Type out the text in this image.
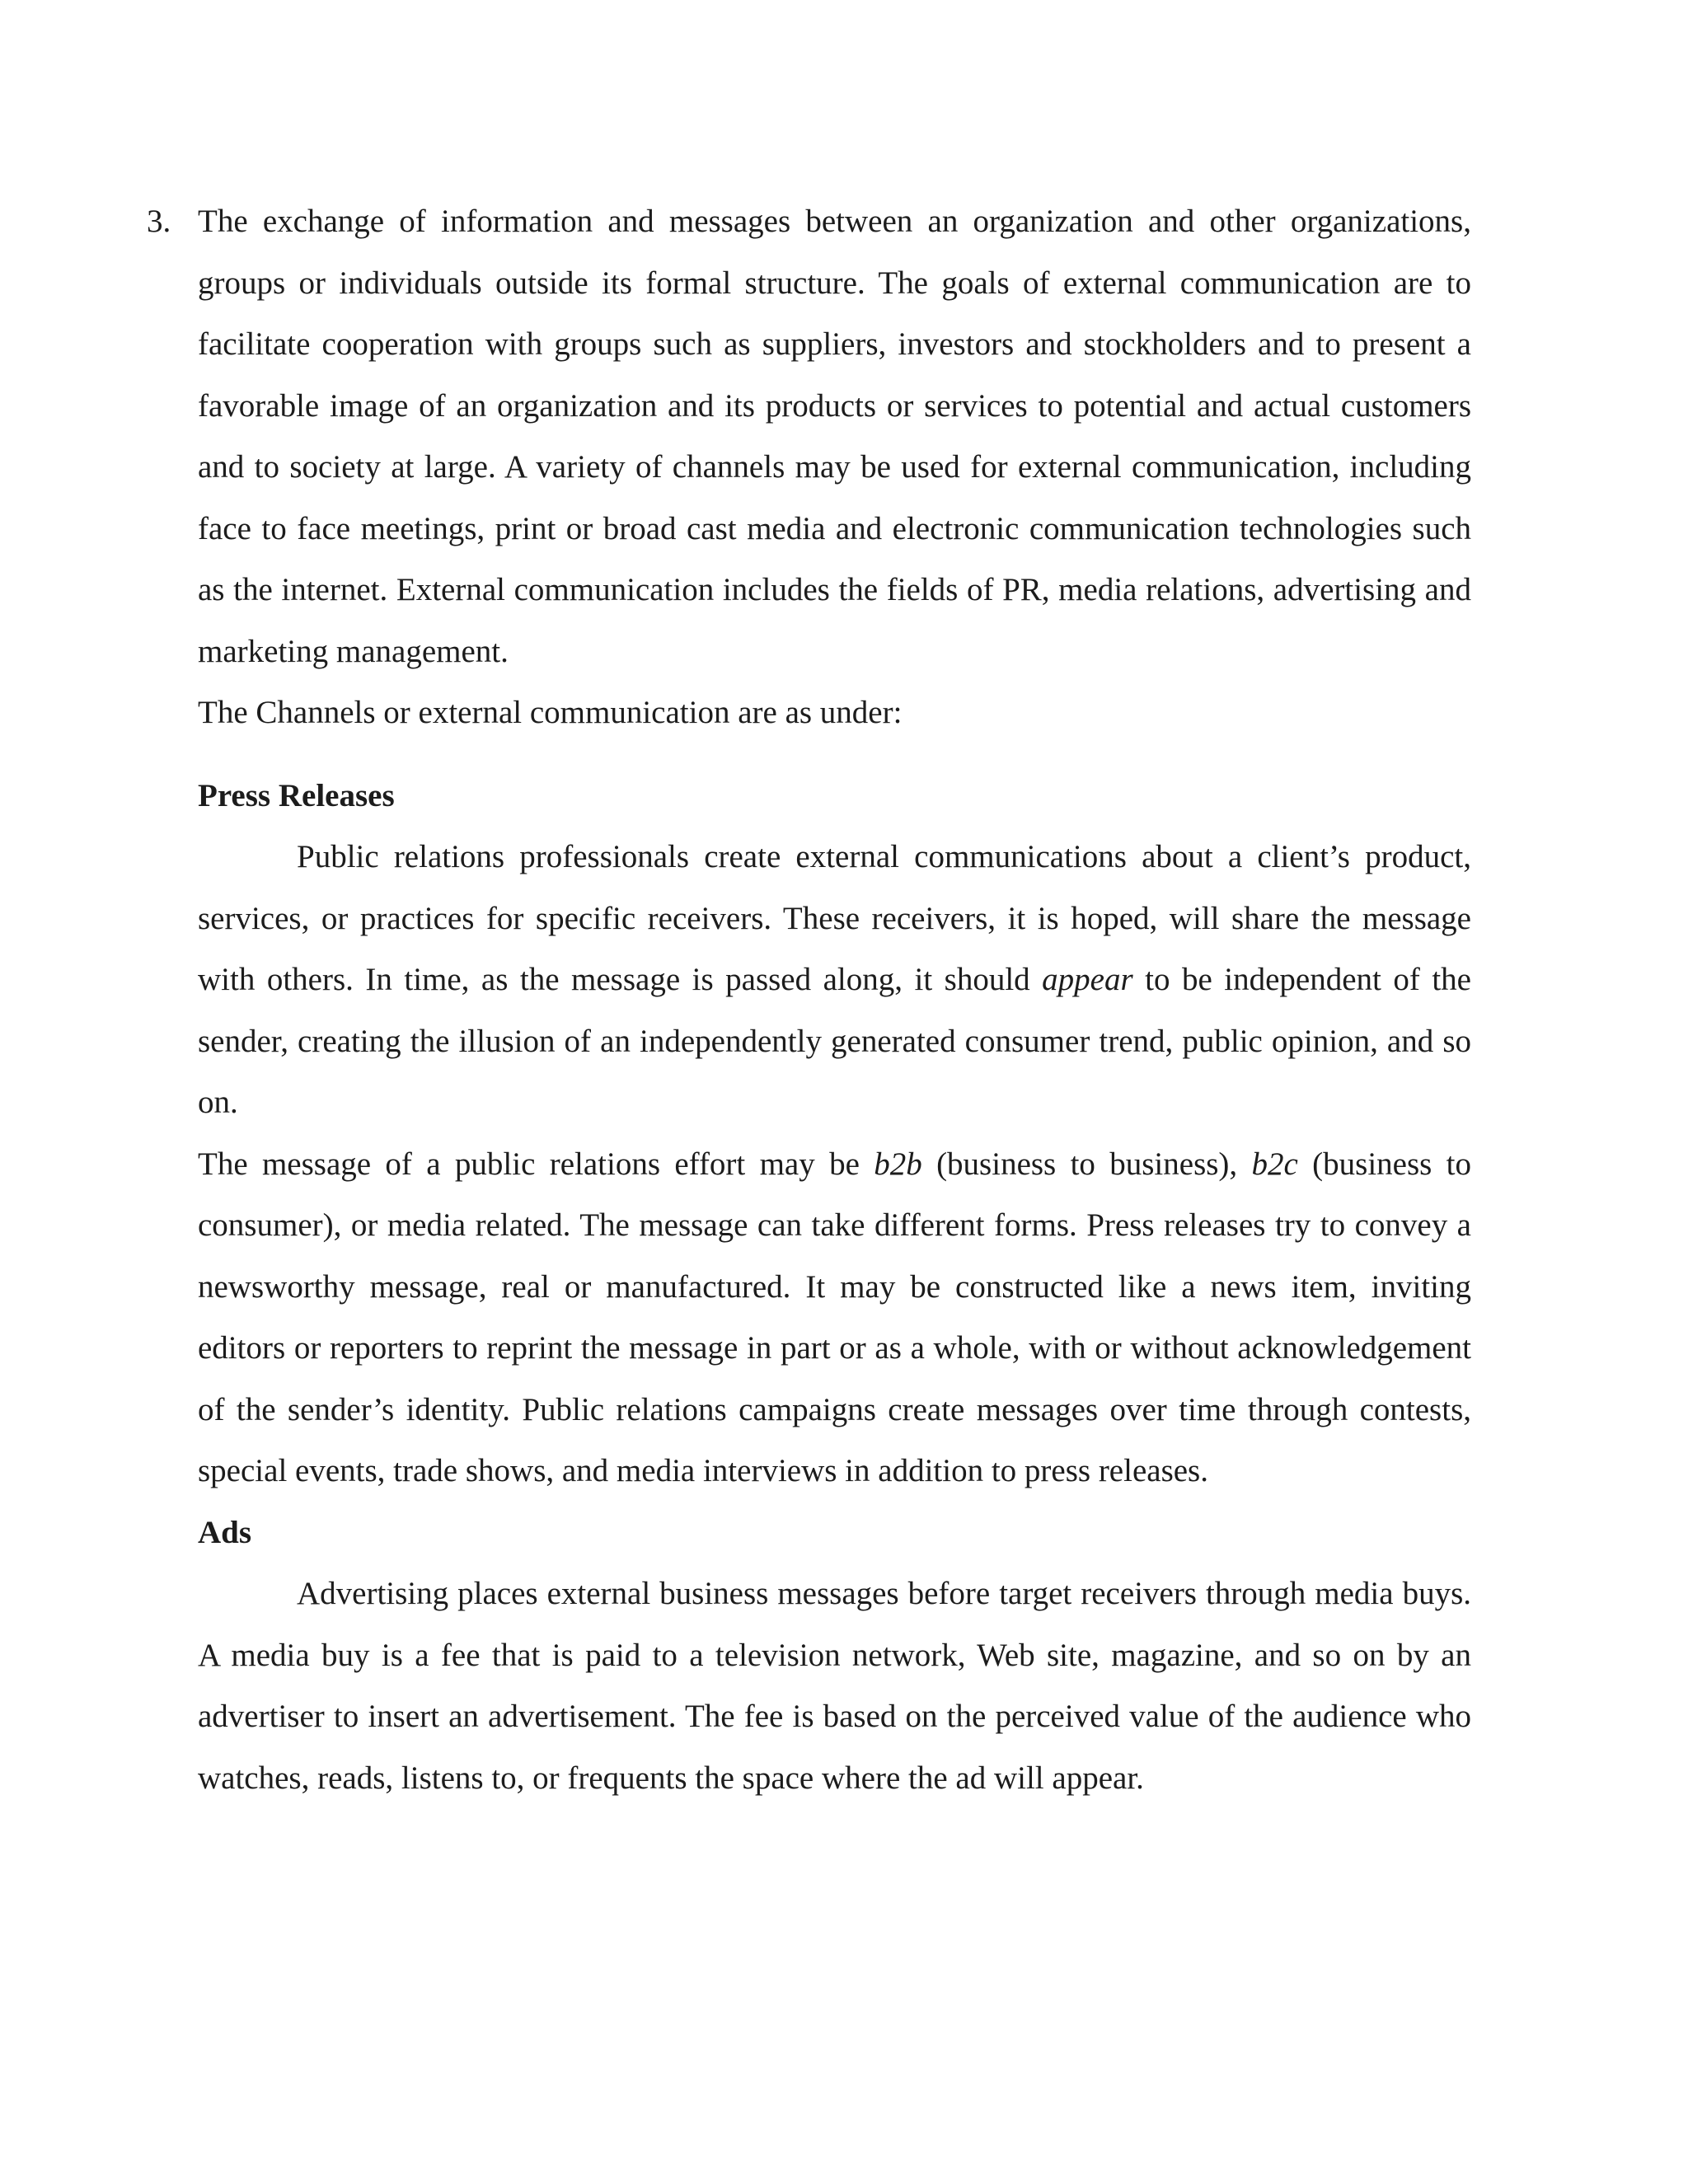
3. The exchange of information and messages between an organization and other organizations, groups or individuals outside its formal structure. The goals of external communication are to facilitate cooperation with groups such as suppliers, investors and stockholders and to present a favorable image of an organization and its products or services to potential and actual customers and to society at large. A variety of channels may be used for external communication, including face to face meetings, print or broad cast media and electronic communication technologies such as the internet. External communication includes the fields of PR, media relations, advertising and marketing management.

The Channels or external communication are as under:

Press Releases

Public relations professionals create external communications about a client’s product, services, or practices for specific receivers. These receivers, it is hoped, will share the message with others. In time, as the message is passed along, it should appear to be independent of the sender, creating the illusion of an independently generated consumer trend, public opinion, and so on.

The message of a public relations effort may be b2b (business to business), b2c (business to consumer), or media related. The message can take different forms. Press releases try to convey a newsworthy message, real or manufactured. It may be constructed like a news item, inviting editors or reporters to reprint the message in part or as a whole, with or without acknowledgement of the sender’s identity. Public relations campaigns create messages over time through contests, special events, trade shows, and media interviews in addition to press releases.

Ads

Advertising places external business messages before target receivers through media buys. A media buy is a fee that is paid to a television network, Web site, magazine, and so on by an advertiser to insert an advertisement. The fee is based on the perceived value of the audience who watches, reads, listens to, or frequents the space where the ad will appear.
